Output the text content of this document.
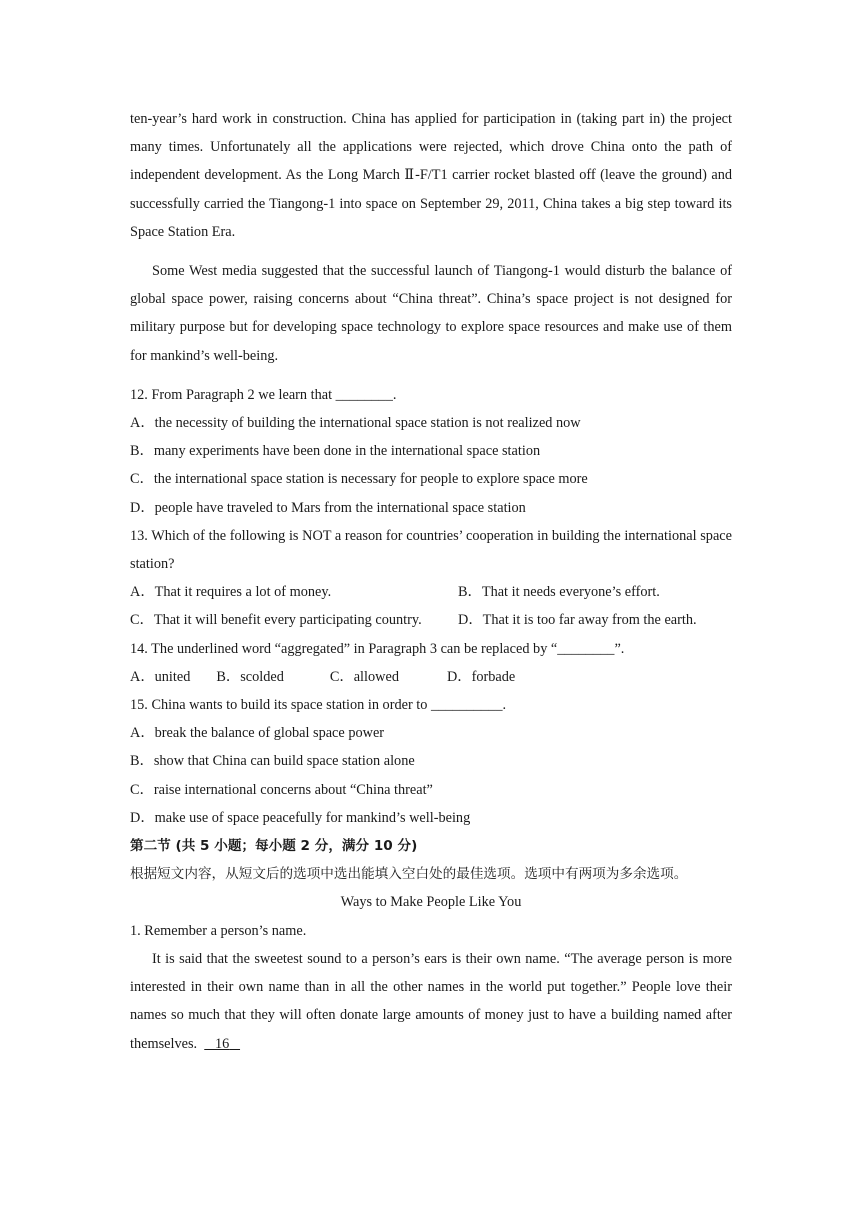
ten-year’s hard work in construction. China has applied for participation in (taking part in) the project many times. Unfortunately all the applications were rejected, which drove China onto the path of independent development. As the Long March Ⅱ-F/T1 carrier rocket blasted off (leave the ground) and successfully carried the Tiangong-1 into space on September 29, 2011, China takes a big step toward its Space Station Era.

Some West media suggested that the successful launch of Tiangong-1 would disturb the balance of global space power, raising concerns about “China threat”. China’s space project is not designed for military purpose but for developing space technology to explore space resources and make use of them for mankind’s well-being.

12. From Paragraph 2 we learn that ________.

A．the necessity of building the international space station is not realized now

B．many experiments have been done in the international space station

C．the international space station is necessary for people to explore space more

D．people have traveled to Mars from the international space station

13. Which of the following is NOT a reason for countries’ cooperation in building the international space station?

A．That it requires a lot of money.	B．That it needs everyone’s effort.
C．That it will benefit every participating country.	D．That it is too far away from the earth.

14. The underlined word “aggregated” in Paragraph 3 can be replaced by “________”.

A．united B．scolded	C．allowed	D．forbade

15. China wants to build its space station in order to __________.

A．break the balance of global space power

B．show that China can build space station alone

C．raise international concerns about “China threat”

D．make use of space peacefully for mankind’s well-being

第二节 (共 5 小题；每小题 2 分，满分 10 分)

根据短文内容，从短文后的选项中选出能填入空白处的最佳选项。选项中有两项为多余选项。

Ways to Make People Like You

1. Remember a person’s name.

It is said that the sweetest sound to a person’s ears is their own name. “The average person is more interested in their own name than in all the other names in the world put together.” People love their names so much that they will often donate large amounts of money just to have a building named after themselves. 16
